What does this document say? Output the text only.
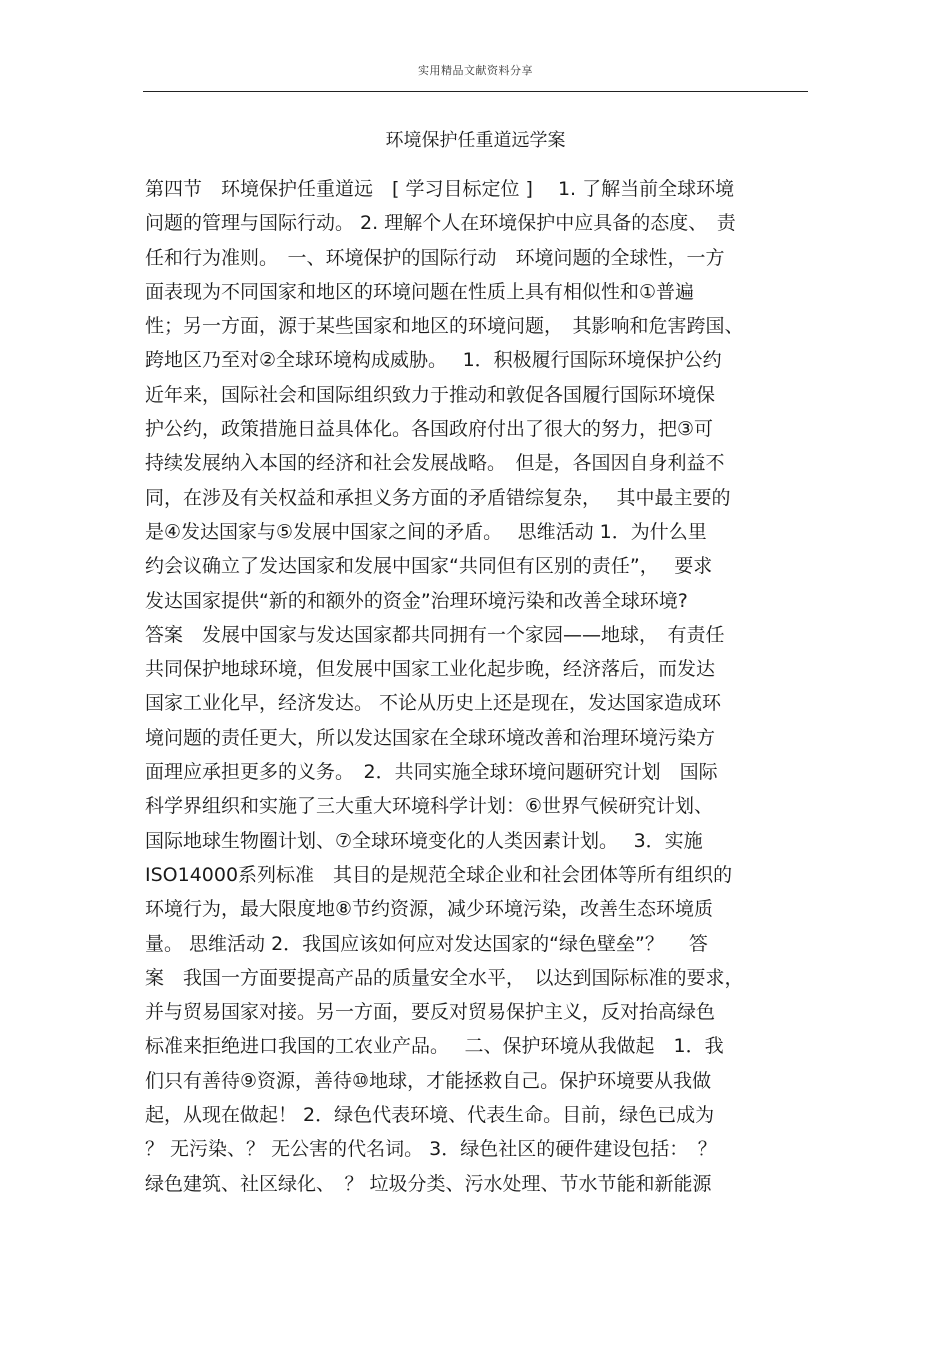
实用精品文献资料分享
环境保护任重道远学案
第四节　环境保护任重道远　[ 学习目标定位 ]　 1. 了解当前全球环境
问题的管理与国际行动。 2. 理解个人在环境保护中应具备的态度、　责
任和行为准则。　一、环境保护的国际行动　环境问题的全球性，一方
面表现为不同国家和地区的环境问题在性质上具有相似性和①普遍
性；另一方面，源于某些国家和地区的环境问题，　其影响和危害跨国、
跨地区乃至对②全球环境构成威胁。　 1．积极履行国际环境保护公约
近年来，国际社会和国际组织致力于推动和敦促各国履行国际环境保
护公约，政策措施日益具体化。各国政府付出了很大的努力，把③可
持续发展纳入本国的经济和社会发展战略。　但是，各国因自身利益不
同，在涉及有关权益和承担义务方面的矛盾错综复杂，　 其中最主要的
是④发达国家与⑤发展中国家之间的矛盾。　 思维活动 1．为什么里
约会议确立了发达国家和发展中国家“共同但有区别的责任”，　 要求
发达国家提供“新的和额外的资金”治理环境污染和改善全球环境?
答案　发展中国家与发达国家都共同拥有一个家园——地球，　有责任
共同保护地球环境，但发展中国家工业化起步晚，经济落后，而发达
国家工业化早，经济发达。 不论从历史上还是现在，发达国家造成环
境问题的责任更大，所以发达国家在全球环境改善和治理环境污染方
面理应承担更多的义务。　2．共同实施全球环境问题研究计划　国际
科学界组织和实施了三大重大环境科学计划：⑥世界气候研究计划、
国际地球生物圈计划、⑦全球环境变化的人类因素计划。　 3．实施
ISO14000系列标准　其目的是规范全球企业和社会团体等所有组织的
环境行为，最大限度地⑧节约资源，减少环境污染，改善生态环境质
量。 思维活动 2．我国应该如何应对发达国家的“绿色壁垒”？　 答
案　我国一方面要提高产品的质量安全水平，　以达到国际标准的要求，
并与贸易国家对接。另一方面，要反对贸易保护主义，反对抬高绿色
标准来拒绝进口我国的工农业产品。　 二、保护环境从我做起　1．我
们只有善待⑨资源，善待⑩地球，才能拯救自己。保护环境要从我做
起，从现在做起！ 2．绿色代表环境、代表生命。目前，绿色已成为
？ 无污染、？ 无公害的代名词。 3．绿色社区的硬件建设包括：　？
绿色建筑、社区绿化、　？ 垃圾分类、污水处理、节水节能和新能源
